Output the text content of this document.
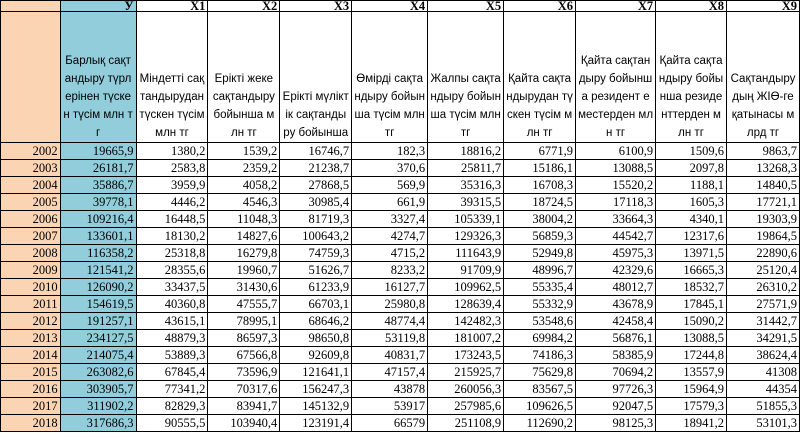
	У	X1	X2	X3	X4	X5	X6	X7	X8	X9
	Барлық сақтандыру түрлерінен түскен түсім млн тг	Міндетті сақтандырудан түскен түсім млн тг	Ерікті жеке сақтандыру бойынша млн тг	Ерікті мүліктік сақтандыру бойынша	Өмірді сақтандыру бойынша түсім млн тг	Жалпы сақтандыру бойынша түсім млн тг	Қайта сақтандырудан түскен түсім млн тг	Қайта сақтандыру бойынша резидент еместерден млн тг	Қайта сақтандыру бойынша резиденттерден млн тг	Сақтандырудың ЖІӨ-ге қатынасы млрд тг
2002	19665,9	1380,2	1539,2	16746,7	182,3	18816,2	6771,9	6100,9	1509,6	9863,7
2003	26181,7	2583,8	2359,2	21238,7	370,6	25811,7	15186,1	13088,5	2097,8	13268,3
2004	35886,7	3959,9	4058,2	27868,5	569,9	35316,3	16708,3	15520,2	1188,1	14840,5
2005	39778,1	4446,2	4546,3	30985,4	661,9	39315,5	18724,5	17118,3	1605,3	17721,1
2006	109216,4	16448,5	11048,3	81719,3	3327,4	105339,1	38004,2	33664,3	4340,1	19303,9
2007	133601,1	18130,2	14827,6	100643,2	4274,7	129326,3	56859,3	44542,7	12317,6	19864,5
2008	116358,2	25318,8	16279,8	74759,3	4715,2	111643,9	52949,8	45975,3	13971,5	22890,6
2009	121541,2	28355,6	19960,7	51626,7	8233,2	91709,9	48996,7	42329,6	16665,3	25120,4
2010	126090,2	33437,5	31430,6	61233,9	16127,7	109962,5	55335,4	48012,7	18532,7	26310,2
2011	154619,5	40360,8	47555,7	66703,1	25980,8	128639,4	55332,9	43678,9	17845,1	27571,9
2012	191257,1	43615,1	78995,1	68646,2	48774,4	142482,3	53548,6	42458,4	15090,2	31442,7
2013	234127,5	48879,3	86597,3	98650,8	53119,8	181007,2	69984,2	56876,1	13088,5	34291,5
2014	214075,4	53889,3	67566,8	92609,8	40831,7	173243,5	74186,3	58385,9	17244,8	38624,4
2015	263082,6	67845,4	73596,9	121641,1	47157,4	215925,7	75629,8	70694,2	13557,9	41308
2016	303905,7	77341,2	70317,6	156247,3	43878	260056,3	83567,5	97726,3	15964,9	44354
2017	311902,2	82829,3	83941,7	145132,9	53917	257985,6	109626,5	92047,5	17579,3	51855,3
2018	317686,3	90555,5	103940,4	123191,4	66579	251108,9	112690,2	98125,3	18941,2	53101,3
